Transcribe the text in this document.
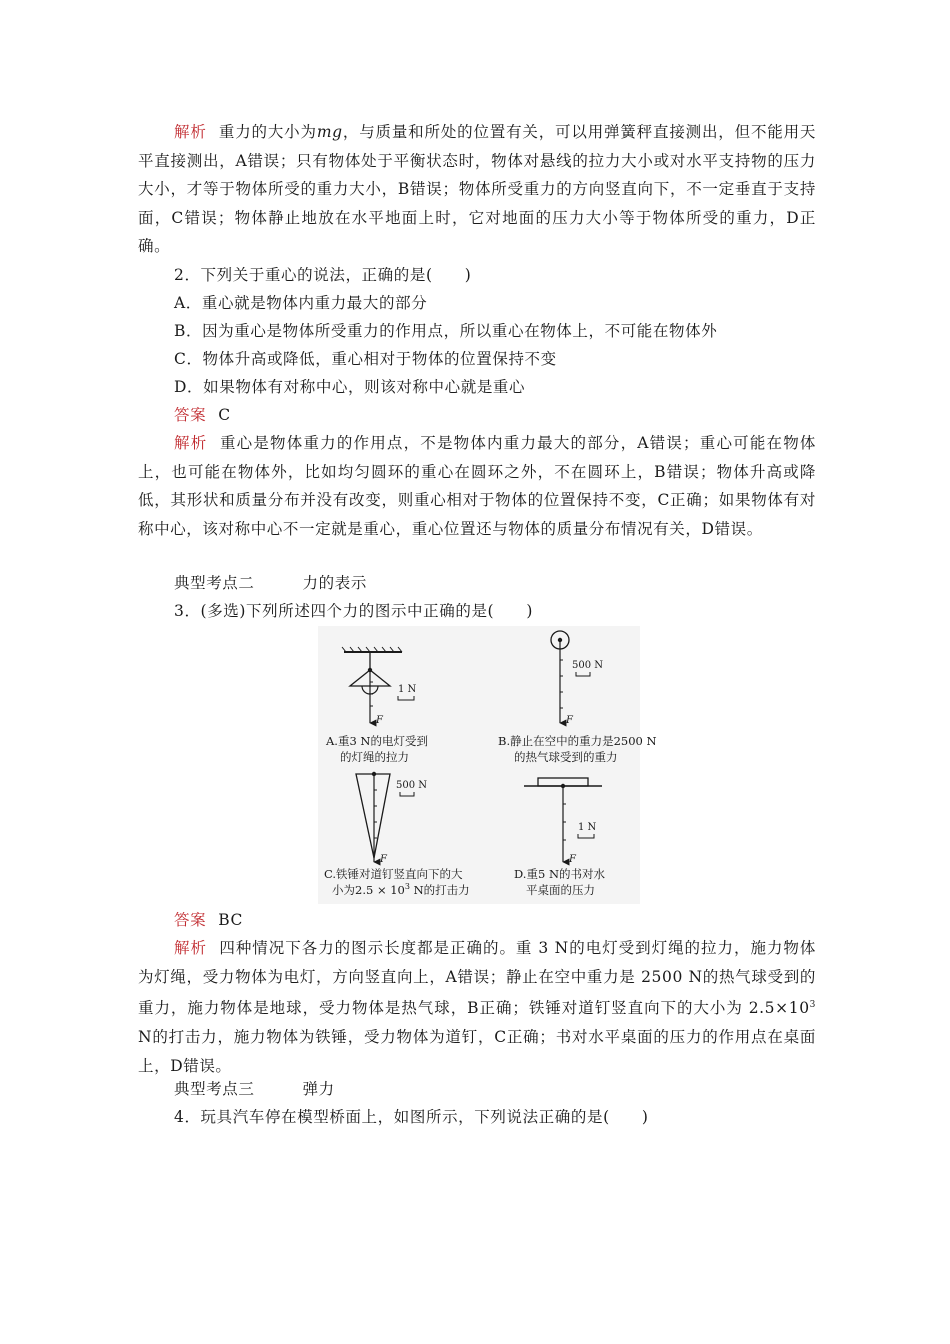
解析 重力的大小为mg，与质量和所处的位置有关，可以用弹簧秤直接测出，但不能用天平直接测出，A错误；只有物体处于平衡状态时，物体对悬线的拉力大小或对水平支持物的压力大小，才等于物体所受的重力大小，B错误；物体所受重力的方向竖直向下，不一定垂直于支持面，C错误；物体静止地放在水平地面上时，它对地面的压力大小等于物体所受的重力，D正确。

2．下列关于重心的说法，正确的是(　　)

A．重心就是物体内重力最大的部分

B．因为重心是物体所受重力的作用点，所以重心在物体上，不可能在物体外

C．物体升高或降低，重心相对于物体的位置保持不变

D．如果物体有对称中心，则该对称中心就是重心

答案 C

解析 重心是物体重力的作用点，不是物体内重力最大的部分，A错误；重心可能在物体上，也可能在物体外，比如均匀圆环的重心在圆环之外，不在圆环上，B错误；物体升高或降低，其形状和质量分布并没有改变，则重心相对于物体的位置保持不变，C正确；如果物体有对称中心，该对称中心不一定就是重心，重心位置还与物体的质量分布情况有关，D错误。

典型考点二	力的表示

3．(多选)下列所述四个力的图示中正确的是(　　)

F
1 N
A.重3 N的电灯受到
的灯绳的拉力
F
500 N
B.静止在空中的重力是2500 N
的热气球受到的重力
F
500 N
C.铁锤对道钉竖直向下的大
小为$2.5 \times 10^3$ N的打击力
F
1 N
D.重5 N的书对水
平桌面的压力

答案 BC

解析 四种情况下各力的图示长度都是正确的。重 3 N的电灯受到灯绳的拉力，施力物体为灯绳，受力物体为电灯，方向竖直向上，A错误；静止在空中重力是 2500 N的热气球受到的重力，施力物体是地球，受力物体是热气球，B正确；铁锤对道钉竖直向下的大小为 $2.5\times 10^3$ N的打击力，施力物体为铁锤，受力物体为道钉，C正确；书对水平桌面的压力的作用点在桌面上，D错误。

典型考点三	弹力

4．玩具汽车停在模型桥面上，如图所示，下列说法正确的是(　　)
